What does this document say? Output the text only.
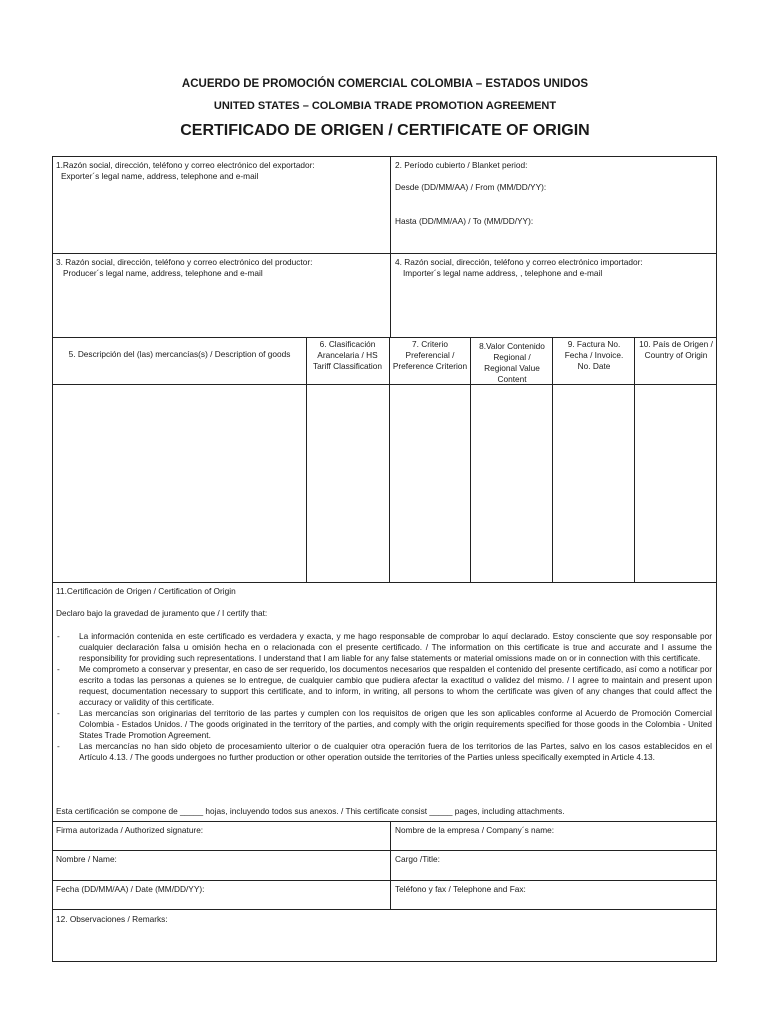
ACUERDO DE PROMOCIÓN COMERCIAL COLOMBIA – ESTADOS UNIDOS
UNITED STATES – COLOMBIA TRADE PROMOTION AGREEMENT
CERTIFICADO DE ORIGEN / CERTIFICATE OF ORIGIN
1.Razón social, dirección, teléfono y correo electrónico del exportador:
Exporter´s legal name, address, telephone and e-mail
2. Período cubierto / Blanket period:
Desde (DD/MM/AA) / From (MM/DD/YY):
Hasta (DD/MM/AA) / To (MM/DD/YY):
3. Razón social, dirección, teléfono y correo electrónico del productor:
Producer´s legal name, address, telephone and e-mail
4. Razón social, dirección, teléfono y correo electrónico importador:
Importer´s legal name address, , telephone and e-mail
5. Descripción del (las) mercancías(s) / Description of goods
6. Clasificación Arancelaria / HS Tariff Classification
7. Criterio Preferencial / Preference Criterion
8.Valor Contenido Regional / Regional Value Content
9. Factura No. Fecha / Invoice. No. Date
10. País de Origen / Country of Origin
11.Certificación de Origen / Certification of Origin
Declaro bajo la gravedad de juramento que / I certify that:

- La información contenida en este certificado es verdadera y exacta, y me hago responsable de comprobar lo aquí declarado. Estoy consciente que soy responsable por cualquier declaración falsa u omisión hecha en o relacionada con el presente certificado. / The information on this certificate is true and accurate and I assume the responsibility for providing such representations. I understand that I am liable for any false statements or material omissions made on or in connection with this certificate.

- Me comprometo a conservar y presentar, en caso de ser requerido, los documentos necesarios que respalden el contenido del presente certificado, así como a notificar por escrito a todas las personas a quienes se lo entregue, de cualquier cambio que pudiera afectar la exactitud o validez del mismo. / I agree to maintain and present upon request, documentation necessary to support this certificate, and to inform, in writing, all persons to whom the certificate was given of any changes that could affect the accuracy or validity of this certificate.

- Las mercancías son originarias del territorio de las partes y cumplen con los requisitos de origen que les son aplicables conforme al Acuerdo de Promoción Comercial Colombia - Estados Unidos. / The goods originated in the territory of the parties, and comply with the origin requirements specified for those goods in the Colombia - United States Trade Promotion Agreement.

- Las mercancías no han sido objeto de procesamiento ulterior o de cualquier otra operación fuera de los territorios de las Partes, salvo en los casos establecidos en el Artículo 4.13. / The goods undergoes no further production or other operation outside the territories of the Parties unless specifically exempted in Article 4.13.

Esta certificación se compone de _____ hojas, incluyendo todos sus anexos. / This certificate consist _____ pages, including attachments.
Firma autorizada / Authorized signature:	Nombre de la empresa / Company´s name:
Nombre / Name:	Cargo /Title:
Fecha (DD/MM/AA) / Date (MM/DD/YY):	Teléfono y fax / Telephone and Fax:
12. Observaciones / Remarks:
